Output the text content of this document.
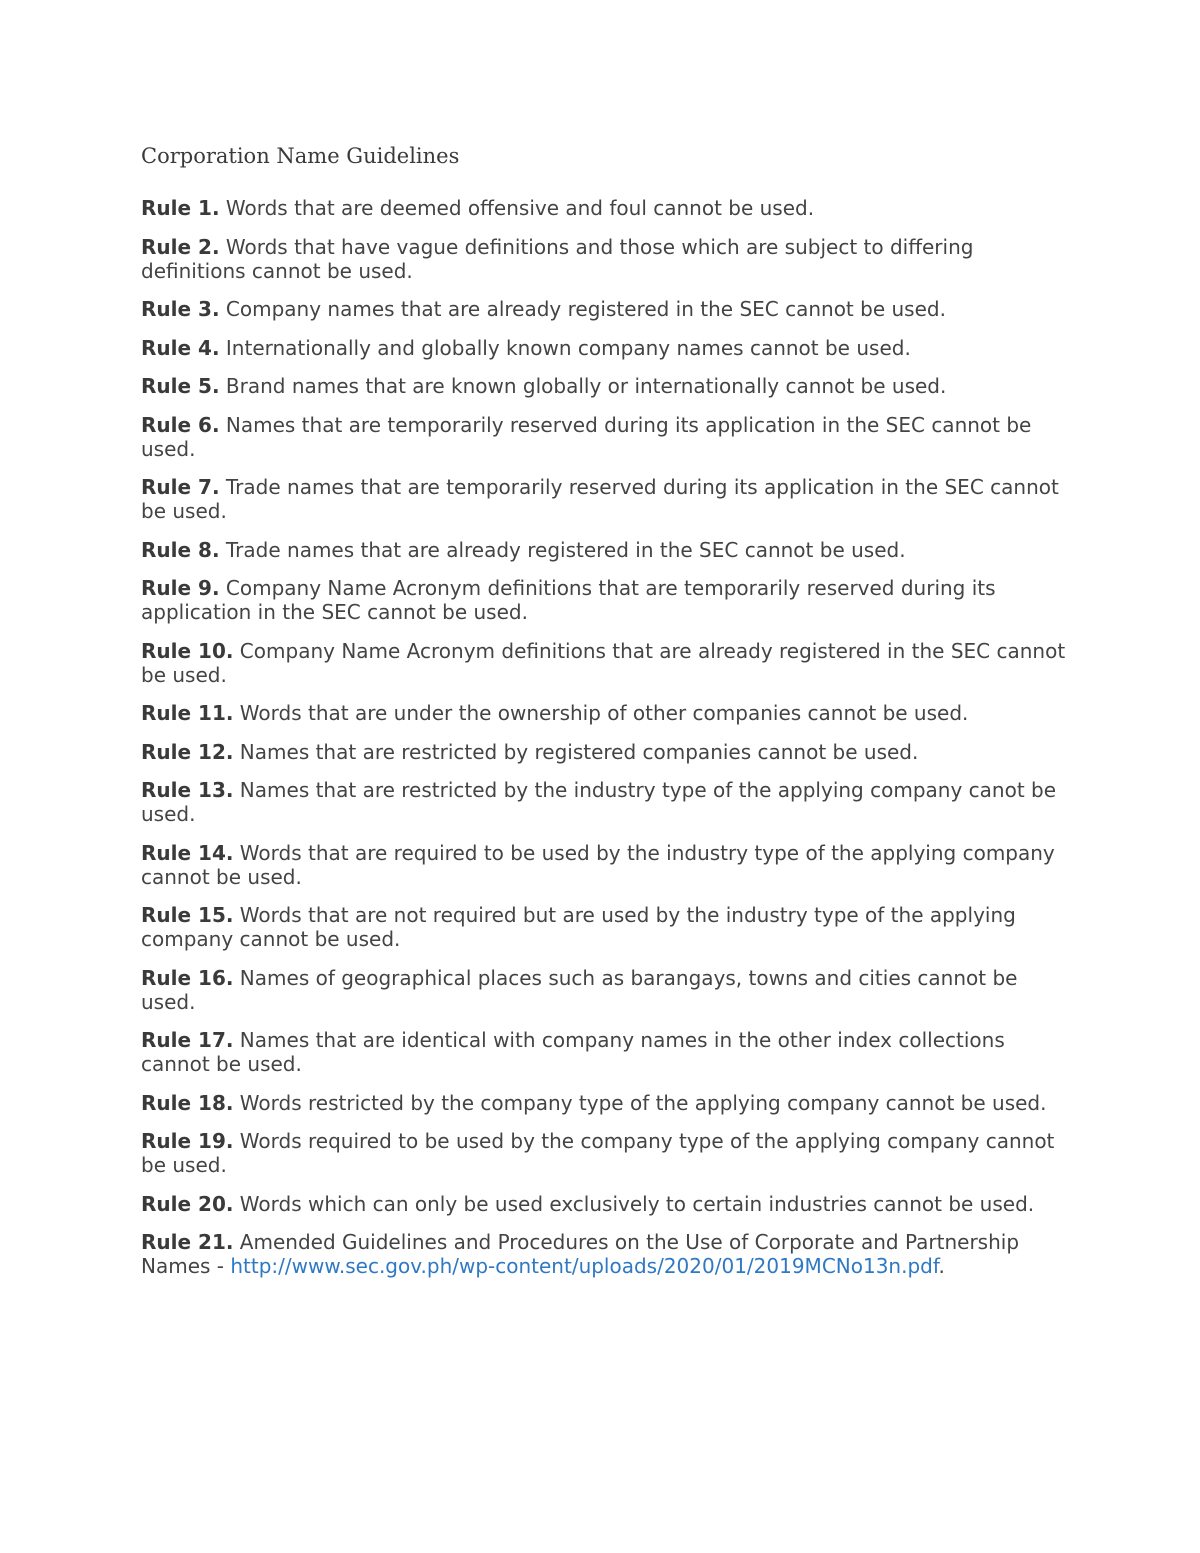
Corporation Name Guidelines
Rule 1. Words that are deemed offensive and foul cannot be used.
Rule 2. Words that have vague definitions and those which are subject to differing definitions cannot be used.
Rule 3. Company names that are already registered in the SEC cannot be used.
Rule 4. Internationally and globally known company names cannot be used.
Rule 5. Brand names that are known globally or internationally cannot be used.
Rule 6. Names that are temporarily reserved during its application in the SEC cannot be used.
Rule 7. Trade names that are temporarily reserved during its application in the SEC cannot be used.
Rule 8. Trade names that are already registered in the SEC cannot be used.
Rule 9. Company Name Acronym definitions that are temporarily reserved during its application in the SEC cannot be used.
Rule 10. Company Name Acronym definitions that are already registered in the SEC cannot be used.
Rule 11. Words that are under the ownership of other companies cannot be used.
Rule 12. Names that are restricted by registered companies cannot be used.
Rule 13. Names that are restricted by the industry type of the applying company canot be used.
Rule 14. Words that are required to be used by the industry type of the applying company cannot be used.
Rule 15. Words that are not required but are used by the industry type of the applying company cannot be used.
Rule 16. Names of geographical places such as barangays, towns and cities cannot be used.
Rule 17. Names that are identical with company names in the other index collections cannot be used.
Rule 18. Words restricted by the company type of the applying company cannot be used.
Rule 19. Words required to be used by the company type of the applying company cannot be used.
Rule 20. Words which can only be used exclusively to certain industries cannot be used.
Rule 21. Amended Guidelines and Procedures on the Use of Corporate and Partnership Names - http://www.sec.gov.ph/wp-content/uploads/2020/01/2019MCNo13n.pdf.
